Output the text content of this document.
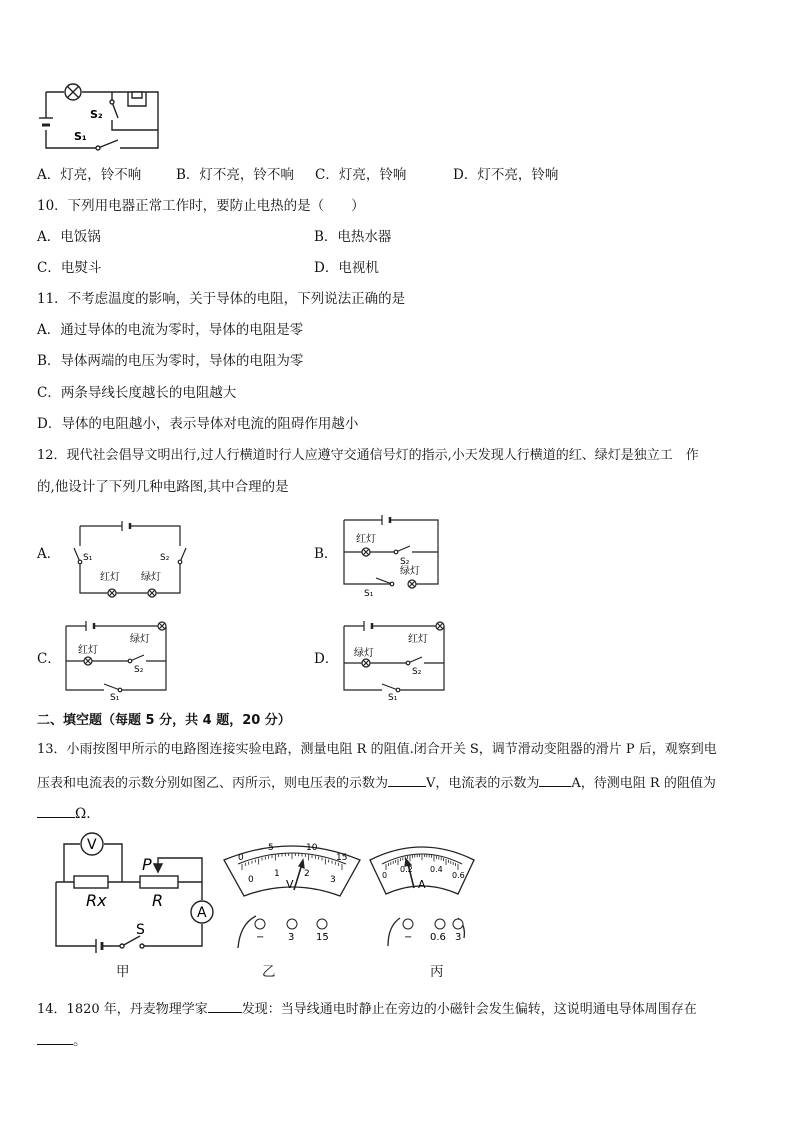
S₂
S₁
A．灯亮，铃不响	B．灯不亮，铃不响 C．灯亮，铃响	D．灯不亮，铃响
10．下列用电器正常工作时，要防止电热的是（　　）
A．电饭锅	B．电热水器
C．电熨斗	D．电视机
11．不考虑温度的影响，关于导体的电阻，下列说法正确的是
A．通过导体的电流为零时，导体的电阻是零
B．导体两端的电压为零时，导体的电阻为零
C．两条导线长度越长的电阻越大
D．导体的电阻越小，表示导体对电流的阻碍作用越小
12．现代社会倡导文明出行,过人行横道时行人应遵守交通信号灯的指示,小天发现人行横道的红、绿灯是独立工　作
的,他设计了下列几种电路图,其中合理的是
A．	S₁	S₂
红灯 绿灯
B．
红灯
S₂
绿灯
S₁
C．
绿灯
红灯
S₂
S₁
D．
红灯
绿灯
S₂
S₁
二、填空题（每题 5 分，共 4 题，20 分）
13．小雨按图甲所示的电路图连接实验电路，测量电阻 R 的阻值.闭合开关 S，调节滑动变阻器的滑片 P 后，观察到电
压表和电流表的示数分别如图乙、丙所示，则电压表的示数为	V，电流表的示数为 A，待测电阻 R 的阻值为
Ω.
V
A
Rx	R
P
S
0
5	10
15
0
1	2
3
V
− 3 15
0
0.2 0.4
0.6
A
− 0.6 3
甲	乙	丙
14．1820 年，丹麦物理学家	发现：当导线通电时静止在旁边的小磁针会发生偏转，这说明通电导体周围存在
。
